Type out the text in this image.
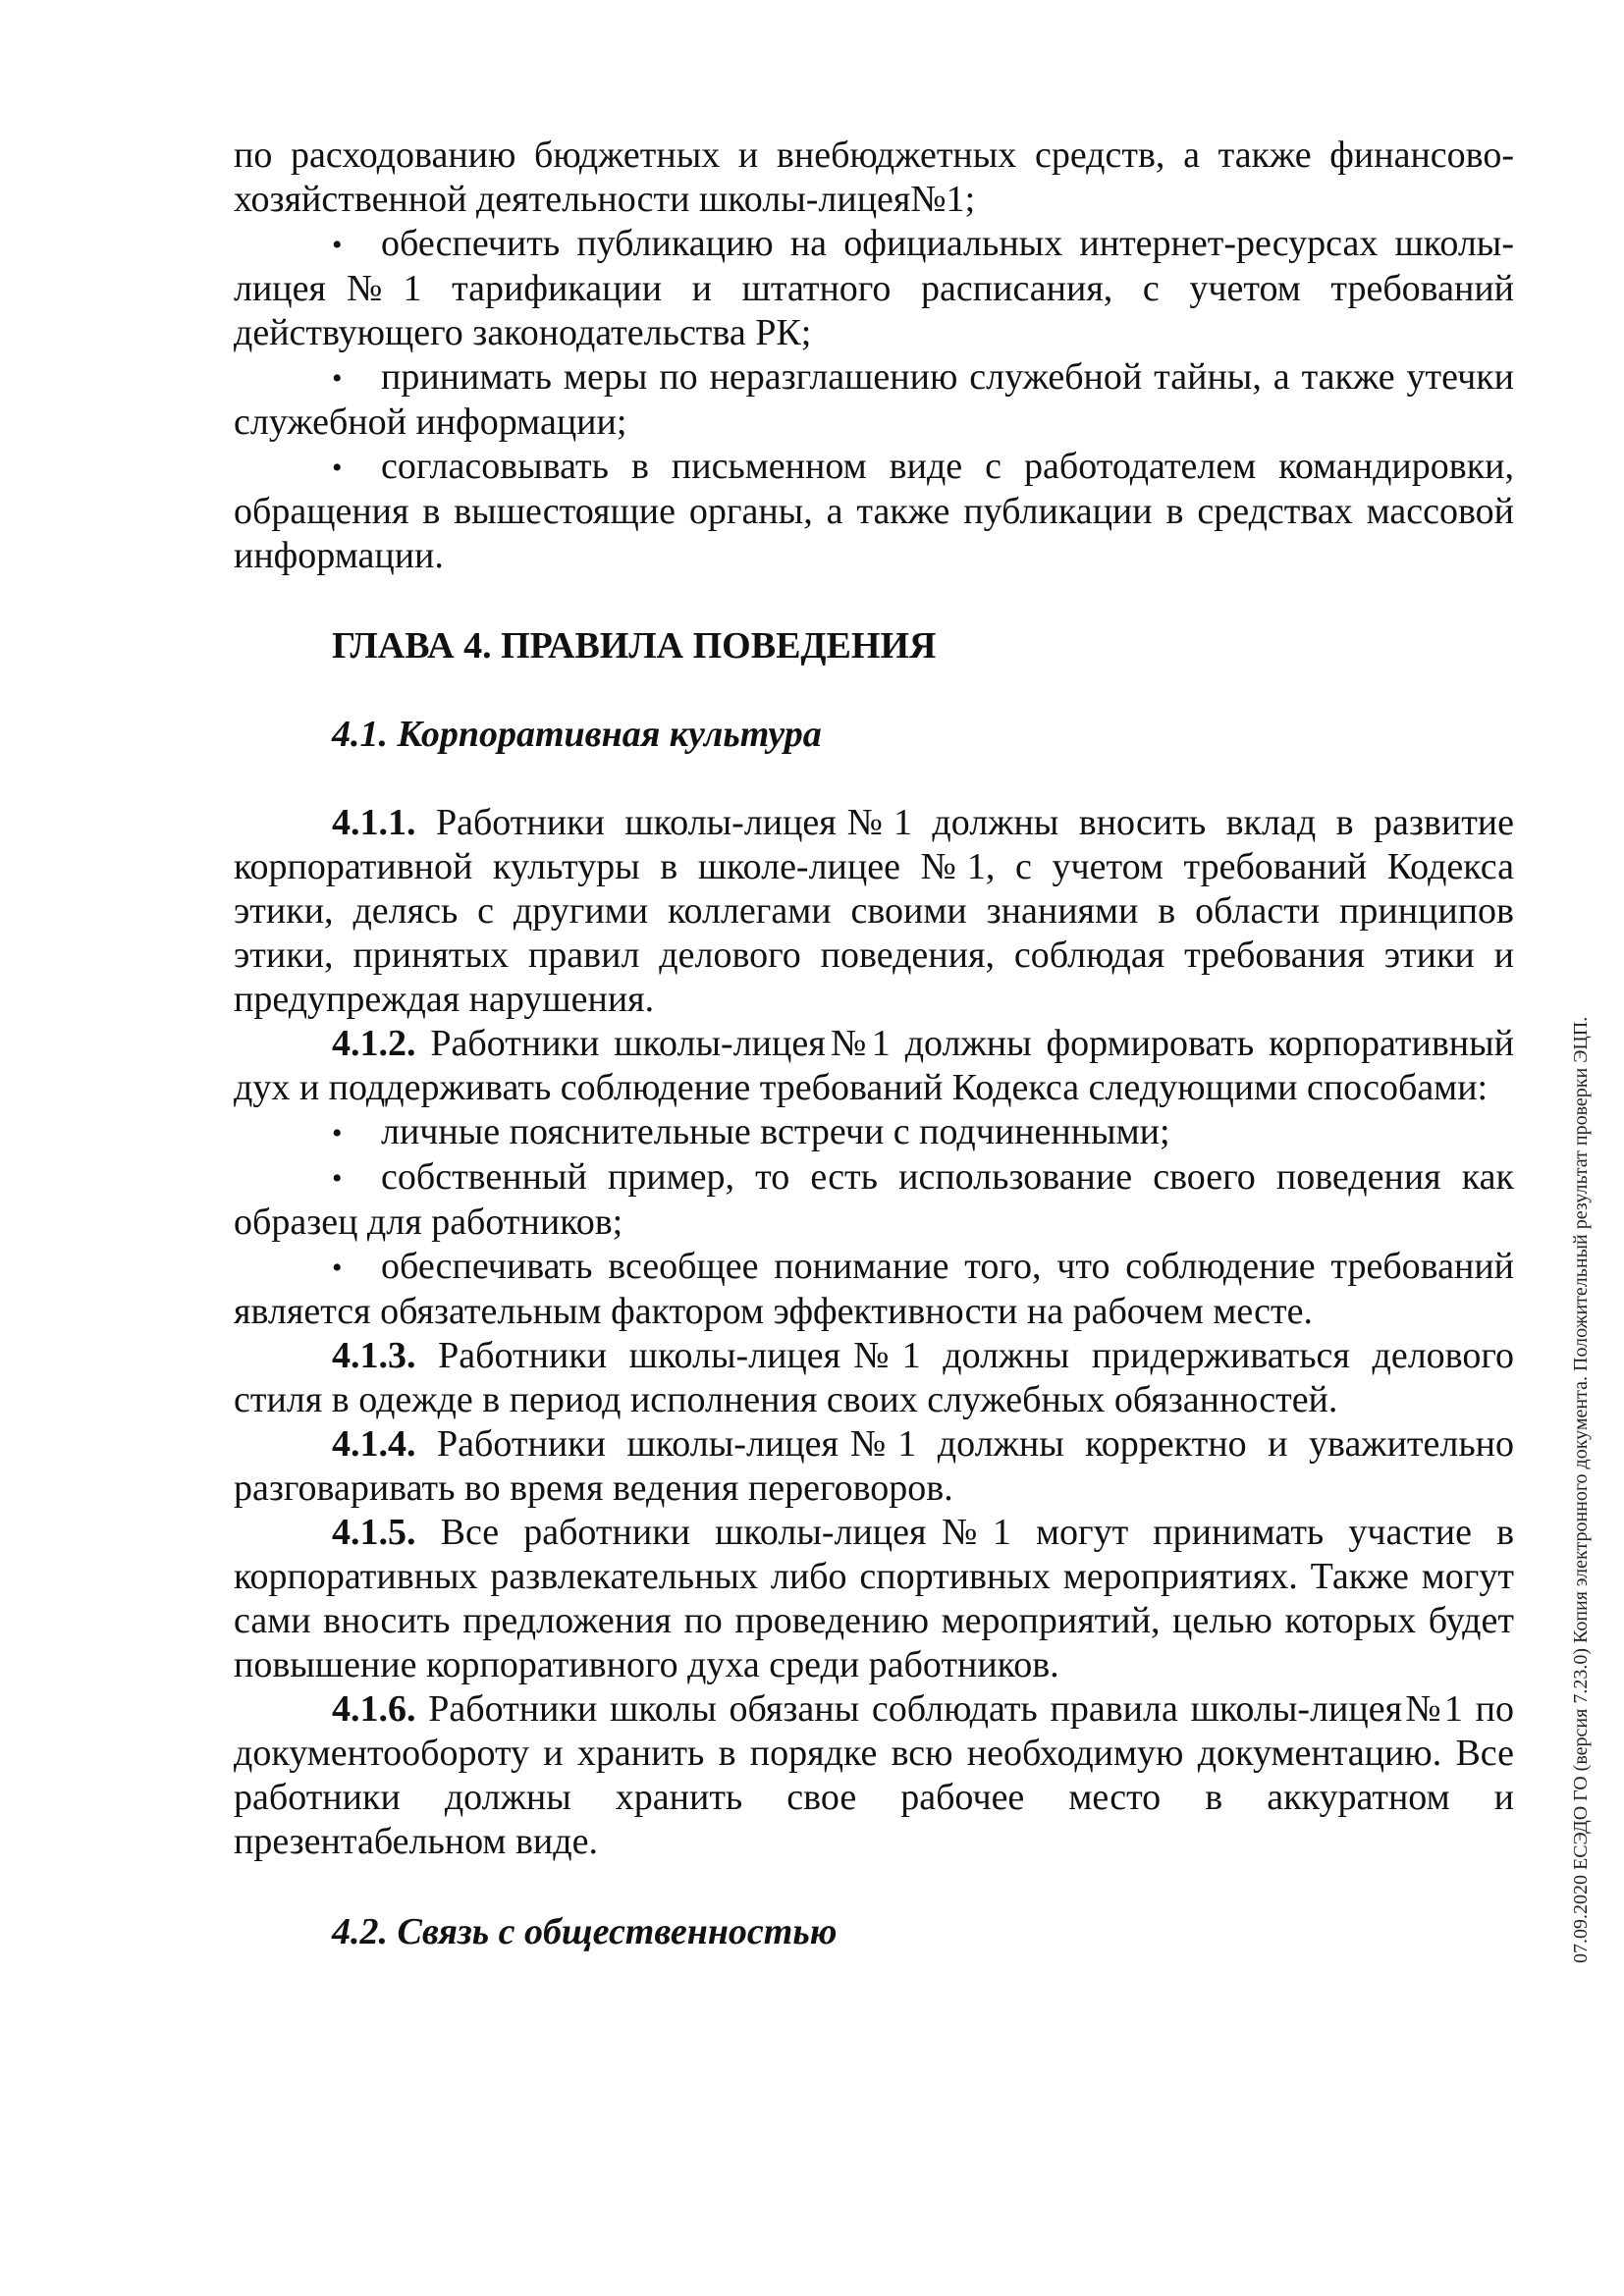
по расходованию бюджетных и внебюджетных средств, а также финансово-хозяйственной деятельности школы-лицея№1;

• обеспечить публикацию на официальных интернет-ресурсах школы-лицея№1 тарификации и штатного расписания, с учетом требований действующего законодательства РК;

• принимать меры по неразглашению служебной тайны, а также утечки служебной информации;

• согласовывать в письменном виде с работодателем командировки, обращения в вышестоящие органы, а также публикации в средствах массовой информации.

ГЛАВА 4. ПРАВИЛА ПОВЕДЕНИЯ

4.1. Корпоративная культура

4.1.1. Работники школы-лицея№1 должны вносить вклад в развитие корпоративной культуры в школе-лицее №1, с учетом требований Кодекса этики, делясь с другими коллегами своими знаниями в области принципов этики, принятых правил делового поведения, соблюдая требования этики и предупреждая нарушения.

4.1.2. Работники школы-лицея№1 должны формировать корпоративный дух и поддерживать соблюдение требований Кодекса следующими способами:

• личные пояснительные встречи с подчиненными;

• собственный пример, то есть использование своего поведения как образец для работников;

• обеспечивать всеобщее понимание того, что соблюдение требований является обязательным фактором эффективности на рабочем месте.

4.1.3. Работники школы-лицея№1 должны придерживаться делового стиля в одежде в период исполнения своих служебных обязанностей.

4.1.4. Работники школы-лицея№1 должны корректно и уважительно разговаривать во время ведения переговоров.

4.1.5. Все работники школы-лицея№1 могут принимать участие в корпоративных развлекательных либо спортивных мероприятиях. Также могут сами вносить предложения по проведению мероприятий, целью которых будет повышение корпоративного духа среди работников.

4.1.6. Работники школы обязаны соблюдать правила школы-лицея№1 по документообороту и хранить в порядке всю необходимую документацию. Все работники должны хранить свое рабочее место в аккуратном и презентабельном виде.

4.2. Связь с общественностью	07.09.2020 ЕСЭДО ГО (версия 7.23.0) Копия электронного документа. Положительный результат проверки ЭЦП.
